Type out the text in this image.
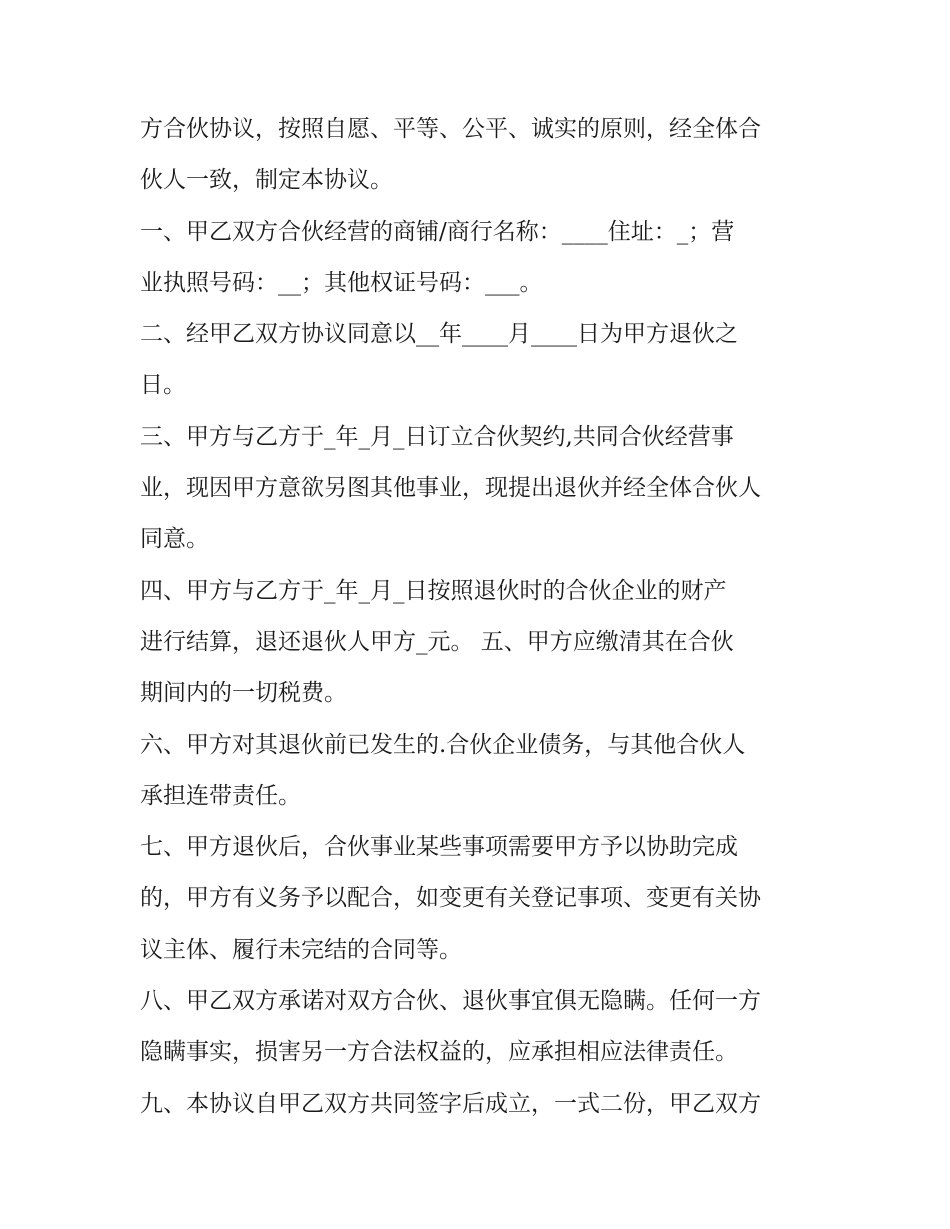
方合伙协议，按照自愿、平等、公平、诚实的原则，经全体合
伙人一致，制定本协议。
一、甲乙双方合伙经营的商铺/商行名称：____住址：_；营
业执照号码：__；其他权证号码：___。
二、经甲乙双方协议同意以__年____月____日为甲方退伙之
日。
三、甲方与乙方于_年_月_日订立合伙契约,共同合伙经营事
业，现因甲方意欲另图其他事业，现提出退伙并经全体合伙人
同意。
四、甲方与乙方于_年_月_日按照退伙时的合伙企业的财产
进行结算，退还退伙人甲方_元。 五、甲方应缴清其在合伙
期间内的一切税费。
六、甲方对其退伙前已发生的.合伙企业债务，与其他合伙人
承担连带责任。
七、甲方退伙后，合伙事业某些事项需要甲方予以协助完成
的，甲方有义务予以配合，如变更有关登记事项、变更有关协
议主体、履行未完结的合同等。
八、甲乙双方承诺对双方合伙、退伙事宜俱无隐瞒。任何一方
隐瞒事实，损害另一方合法权益的，应承担相应法律责任。
九、本协议自甲乙双方共同签字后成立，一式二份，甲乙双方
